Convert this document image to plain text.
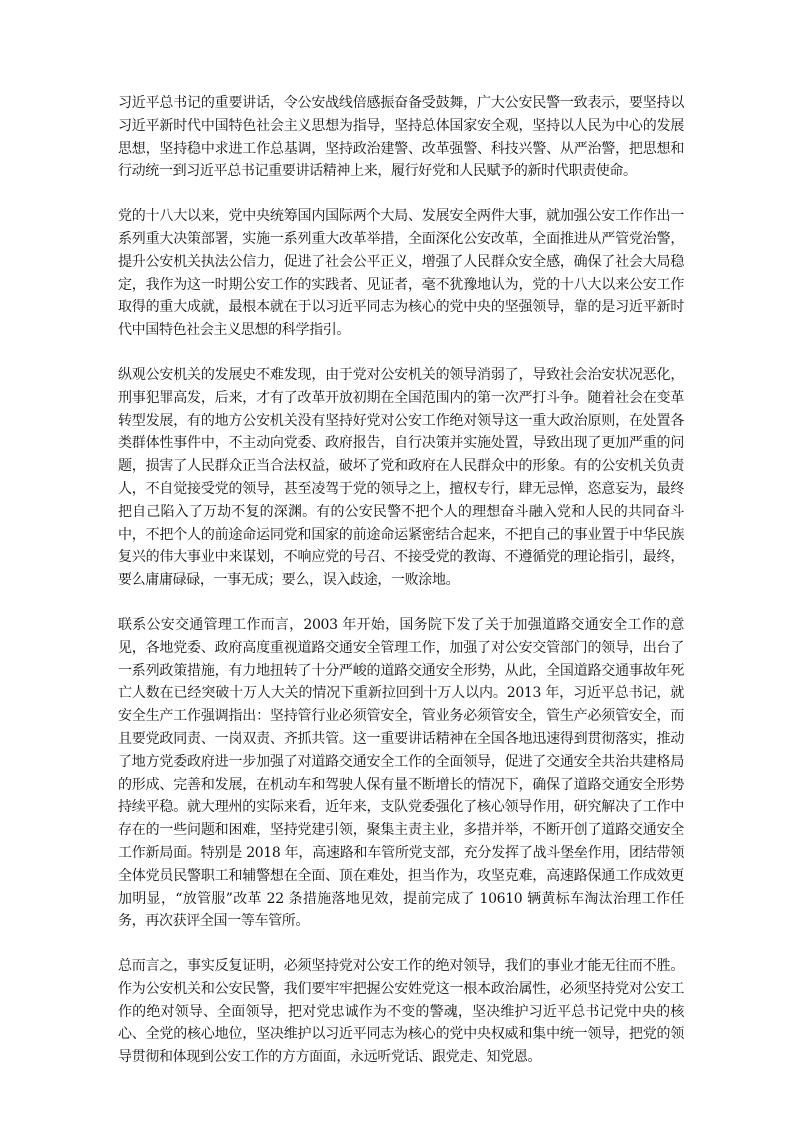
习近平总书记的重要讲话，令公安战线倍感振奋备受鼓舞，广大公安民警一致表示，要坚持以习近平新时代中国特色社会主义思想为指导，坚持总体国家安全观，坚持以人民为中心的发展思想，坚持稳中求进工作总基调，坚持政治建警、改革强警、科技兴警、从严治警，把思想和行动统一到习近平总书记重要讲话精神上来，履行好党和人民赋予的新时代职责使命。

党的十八大以来，党中央统筹国内国际两个大局、发展安全两件大事，就加强公安工作作出一系列重大决策部署，实施一系列重大改革举措，全面深化公安改革，全面推进从严管党治警，提升公安机关执法公信力，促进了社会公平正义，增强了人民群众安全感，确保了社会大局稳定，我作为这一时期公安工作的实践者、见证者，毫不犹豫地认为，党的十八大以来公安工作取得的重大成就，最根本就在于以习近平同志为核心的党中央的坚强领导，靠的是习近平新时代中国特色社会主义思想的科学指引。

纵观公安机关的发展史不难发现，由于党对公安机关的领导消弱了，导致社会治安状况恶化，刑事犯罪高发，后来，才有了改革开放初期在全国范围内的第一次严打斗争。随着社会在变革转型发展，有的地方公安机关没有坚持好党对公安工作绝对领导这一重大政治原则，在处置各类群体性事件中，不主动向党委、政府报告，自行决策并实施处置，导致出现了更加严重的问题，损害了人民群众正当合法权益，破坏了党和政府在人民群众中的形象。有的公安机关负责人，不自觉接受党的领导，甚至凌驾于党的领导之上，擅权专行，肆无忌惮，恣意妄为，最终把自己陷入了万劫不复的深渊。有的公安民警不把个人的理想奋斗融入党和人民的共同奋斗中，不把个人的前途命运同党和国家的前途命运紧密结合起来，不把自己的事业置于中华民族复兴的伟大事业中来谋划，不响应党的号召、不接受党的教诲、不遵循党的理论指引，最终，要么庸庸碌碌，一事无成；要么，误入歧途，一败涂地。

联系公安交通管理工作而言，2003 年开始，国务院下发了关于加强道路交通安全工作的意见，各地党委、政府高度重视道路交通安全管理工作，加强了对公安交管部门的领导，出台了一系列政策措施，有力地扭转了十分严峻的道路交通安全形势，从此，全国道路交通事故年死亡人数在已经突破十万人大关的情况下重新拉回到十万人以内。2013 年，习近平总书记，就安全生产工作强调指出：坚持管行业必须管安全，管业务必须管安全，管生产必须管安全，而且要党政同责、一岗双责、齐抓共管。这一重要讲话精神在全国各地迅速得到贯彻落实，推动了地方党委政府进一步加强了对道路交通安全工作的全面领导，促进了交通安全共治共建格局的形成、完善和发展，在机动车和驾驶人保有量不断增长的情况下，确保了道路交通安全形势持续平稳。就大理州的实际来看，近年来，支队党委强化了核心领导作用，研究解决了工作中存在的一些问题和困难，坚持党建引领，聚集主责主业，多措并举，不断开创了道路交通安全工作新局面。特别是 2018 年，高速路和车管所党支部，充分发挥了战斗堡垒作用，团结带领全体党员民警职工和辅警想在全面、顶在难处，担当作为，攻坚克难，高速路保通工作成效更加明显，“放管服”改革 22 条措施落地见效，提前完成了 10610 辆黄标车淘汰治理工作任务，再次获评全国一等车管所。

总而言之，事实反复证明，必须坚持党对公安工作的绝对领导，我们的事业才能无往而不胜。作为公安机关和公安民警，我们要牢牢把握公安姓党这一根本政治属性，必须坚持党对公安工作的绝对领导、全面领导，把对党忠诚作为不变的警魂，坚决维护习近平总书记党中央的核心、全党的核心地位，坚决维护以习近平同志为核心的党中央权威和集中统一领导，把党的领导贯彻和体现到公安工作的方方面面，永远听党话、跟党走、知党恩。
